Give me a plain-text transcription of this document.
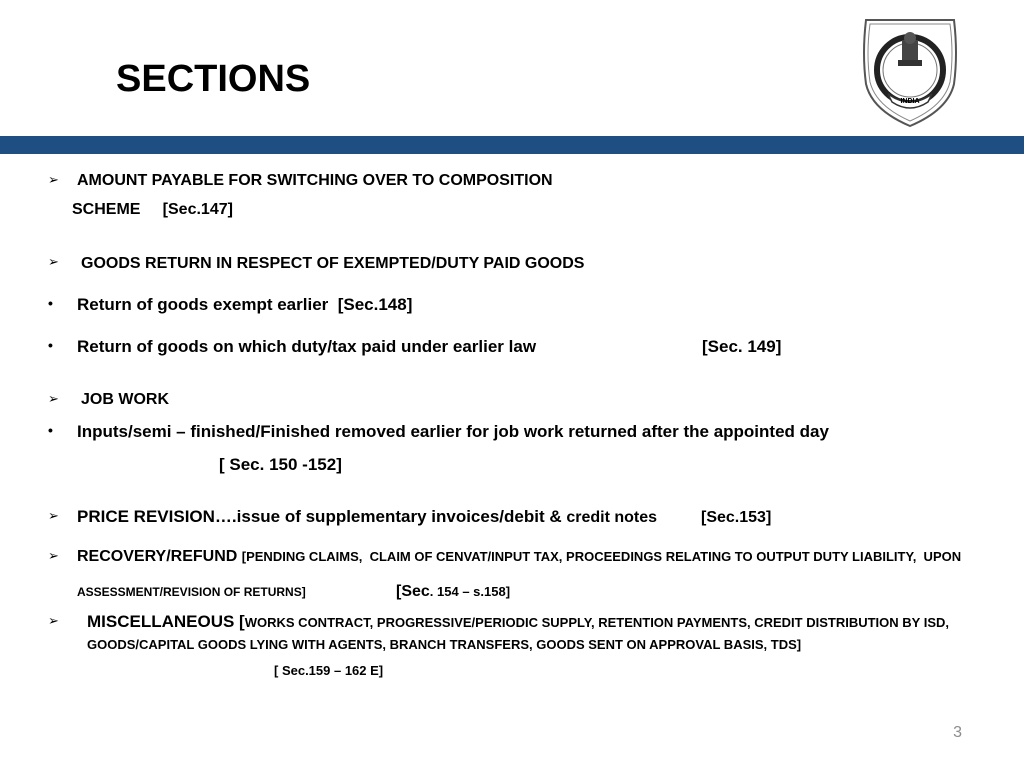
SECTIONS
INDIA
➢ AMOUNT PAYABLE FOR SWITCHING OVER TO COMPOSITION
SCHEME     [Sec.147]
➢ GOODS RETURN IN RESPECT OF EXEMPTED/DUTY PAID GOODS
• Return of goods exempt earlier  [Sec.148]
• Return of goods on which duty/tax paid under earlier law	[Sec. 149]
➢ JOB WORK
• Inputs/semi – finished/Finished removed earlier for job work returned after the appointed day
[ Sec. 150 -152]
➢ PRICE REVISION….issue of supplementary invoices/debit & credit notes	[Sec.153]
➢ RECOVERY/REFUND [PENDING CLAIMS,  CLAIM OF CENVAT/INPUT TAX, PROCEEDINGS RELATING TO OUTPUT DUTY LIABILITY,  UPON
ASSESSMENT/REVISION OF RETURNS]	[Sec. 154 – s.158]
➢ MISCELLANEOUS [WORKS CONTRACT, PROGRESSIVE/PERIODIC SUPPLY, RETENTION PAYMENTS, CREDIT DISTRIBUTION BY ISD,
GOODS/CAPITAL GOODS LYING WITH AGENTS, BRANCH TRANSFERS, GOODS SENT ON APPROVAL BASIS, TDS]
[ Sec.159 – 162 E]
3
